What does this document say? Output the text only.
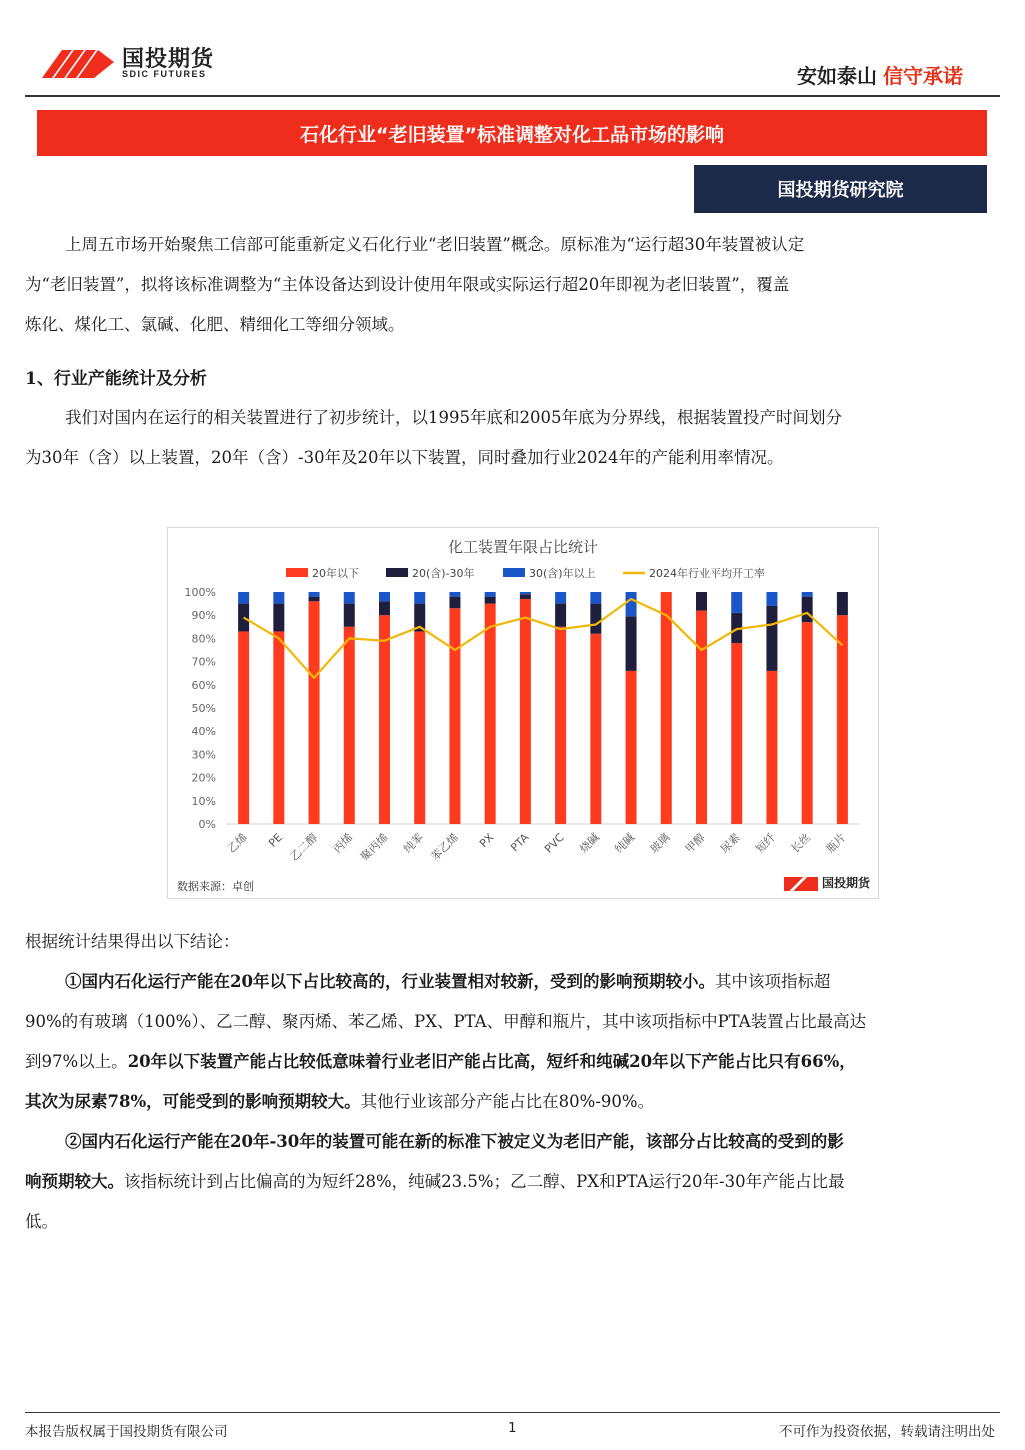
国投期货
SDIC FUTURES	安如泰山 信守承诺
石化行业“老旧装置”标准调整对化工品市场的影响
国投期货研究院
上周五市场开始聚焦工信部可能重新定义石化行业“老旧装置”概念。原标准为“运行超30年装置被认定
为“老旧装置”，拟将该标准调整为“主体设备达到设计使用年限或实际运行超20年即视为老旧装置”，覆盖
炼化、煤化工、氯碱、化肥、精细化工等细分领域。
1、行业产能统计及分析
我们对国内在运行的相关装置进行了初步统计，以1995年底和2005年底为分界线，根据装置投产时间划分
为30年（含）以上装置，20年（含）-30年及20年以下装置，同时叠加行业2024年的产能利用率情况。
化工装置年限占比统计
20年以下	20(含)-30年	30(含)年以上	2024年行业平均开工率
0%
10%
20%
30%
40%
50%
60%
70%
80%
90%
100%
乙烯 PE 乙二醇 丙烯 聚丙烯 纯苯 苯乙烯 PX PTA PVC 烧碱 纯碱 玻璃 甲醇 尿素 短纤 长丝 瓶片
数据来源：卓创	国投期货
根据统计结果得出以下结论：
①国内石化运行产能在20年以下占比较高的，行业装置相对较新，受到的影响预期较小。其中该项指标超
90%的有玻璃（100%）、乙二醇、聚丙烯、苯乙烯、PX、PTA、甲醇和瓶片，其中该项指标中PTA装置占比最高达
到97%以上。20年以下装置产能占比较低意味着行业老旧产能占比高，短纤和纯碱20年以下产能占比只有66%，
其次为尿素78%，可能受到的影响预期较大。其他行业该部分产能占比在80%-90%。
②国内石化运行产能在20年-30年的装置可能在新的标准下被定义为老旧产能，该部分占比较高的受到的影
响预期较大。该指标统计到占比偏高的为短纤28%，纯碱23.5%；乙二醇、PX和PTA运行20年-30年产能占比最
低。
本报告版权属于国投期货有限公司	1	不可作为投资依据，转载请注明出处
